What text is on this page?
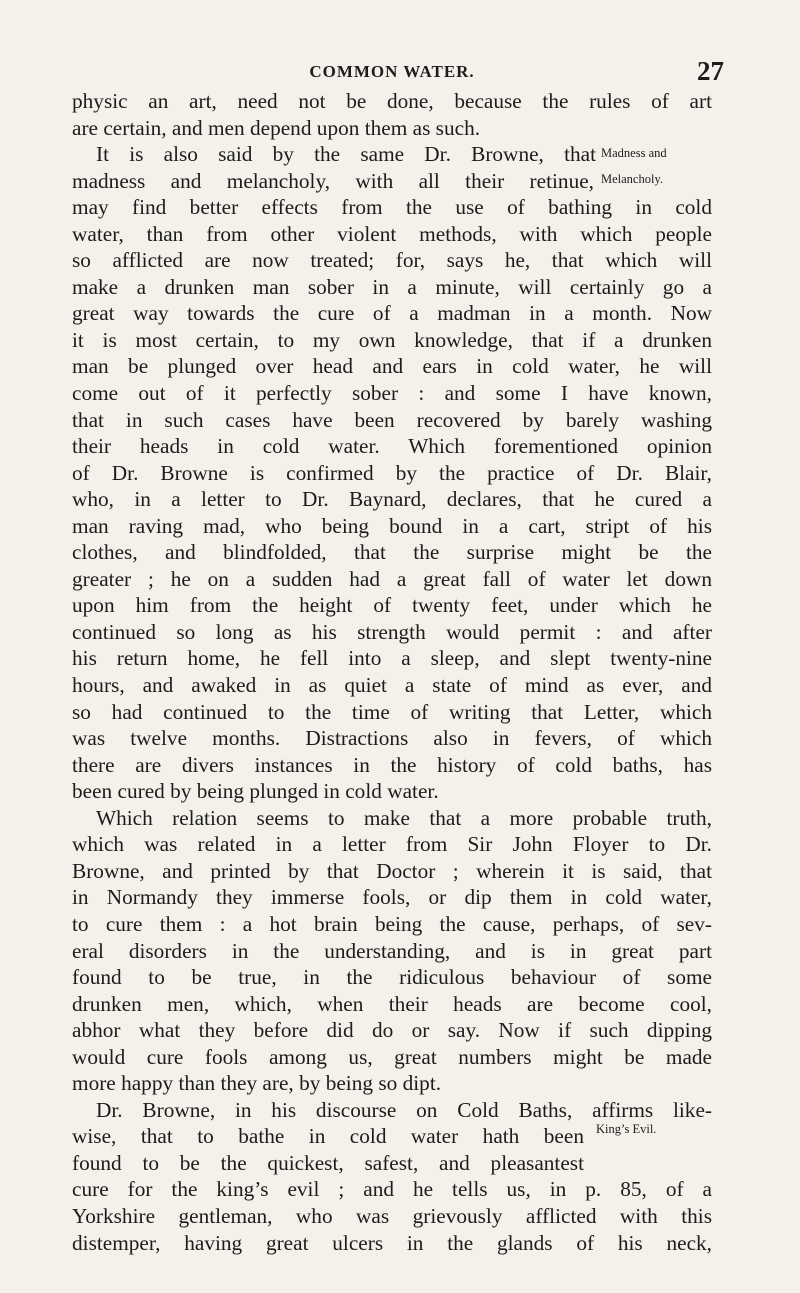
COMMON WATER.	27
Madness and
Melancholy.
King’s Evil.
physic an art, need not be done, because the rules of art
are certain, and men depend upon them as such.
It is also said by the same Dr. Browne, that
madness and melancholy, with all their retinue,
may find better effects from the use of bathing in cold
water, than from other violent methods, with which people
so afflicted are now treated; for, says he, that which will
make a drunken man sober in a minute, will certainly go a
great way towards the cure of a madman in a month. Now
it is most certain, to my own knowledge, that if a drunken
man be plunged over head and ears in cold water, he will
come out of it perfectly sober : and some I have known,
that in such cases have been recovered by barely washing
their heads in cold water. Which forementioned opinion
of Dr. Browne is confirmed by the practice of Dr. Blair,
who, in a letter to Dr. Baynard, declares, that he cured a
man raving mad, who being bound in a cart, stript of his
clothes, and blindfolded, that the surprise might be the
greater ; he on a sudden had a great fall of water let down
upon him from the height of twenty feet, under which he
continued so long as his strength would permit : and after
his return home, he fell into a sleep, and slept twenty-nine
hours, and awaked in as quiet a state of mind as ever, and
so had continued to the time of writing that Letter, which
was twelve months. Distractions also in fevers, of which
there are divers instances in the history of cold baths, has
been cured by being plunged in cold water.
Which relation seems to make that a more probable truth,
which was related in a letter from Sir John Floyer to Dr.
Browne, and printed by that Doctor ; wherein it is said, that
in Normandy they immerse fools, or dip them in cold water,
to cure them : a hot brain being the cause, perhaps, of sev-
eral disorders in the understanding, and is in great part
found to be true, in the ridiculous behaviour of some
drunken men, which, when their heads are become cool,
abhor what they before did do or say. Now if such dipping
would cure fools among us, great numbers might be made
more happy than they are, by being so dipt.
Dr. Browne, in his discourse on Cold Baths, affirms like-
wise, that to bathe in cold water hath been
found to be the quickest, safest, and pleasantest
cure for the king’s evil ; and he tells us, in p. 85, of a
Yorkshire gentleman, who was grievously afflicted with this
distemper, having great ulcers in the glands of his neck,
